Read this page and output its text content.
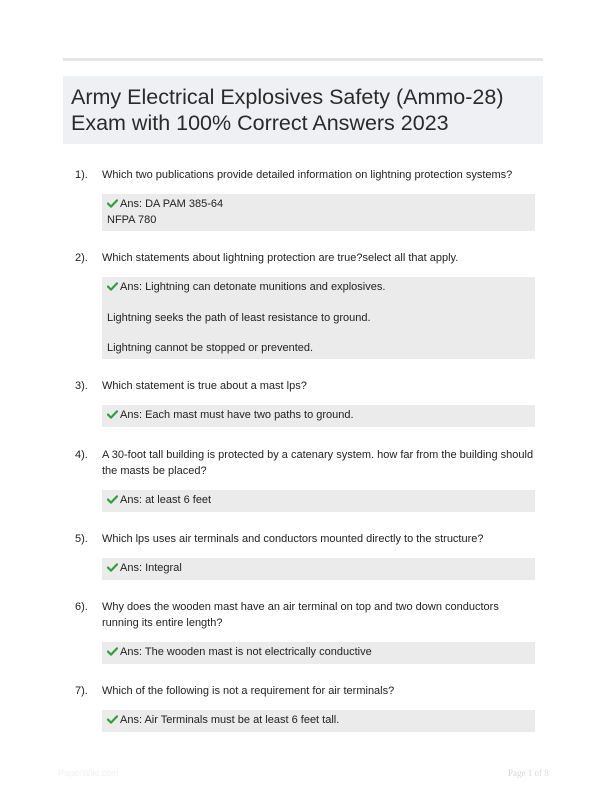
Army Electrical Explosives Safety (Ammo-28) Exam with 100% Correct Answers 2023
1). Which two publications provide detailed information on lightning protection systems?

Ans: DA PAM 385-64

NFPA 780

2). Which statements about lightning protection are true?select all that apply.

Ans: Lightning can detonate munitions and explosives.

Lightning seeks the path of least resistance to ground.

Lightning cannot be stopped or prevented.

3). Which statement is true about a mast lps?

Ans: Each mast must have two paths to ground.

4). A 30-foot tall building is protected by a catenary system. how far from the building should the masts be placed?

Ans: at least 6 feet

5). Which lps uses air terminals and conductors mounted directly to the structure?

Ans: Integral

6). Why does the wooden mast have an air terminal on top and two down conductors running its entire length?

Ans: The wooden mast is not electrically conductive

7). Which of the following is not a requirement for air terminals?

Ans: Air Terminals must be at least 6 feet tall.

PaperWiki.com	Page 1 of 8
